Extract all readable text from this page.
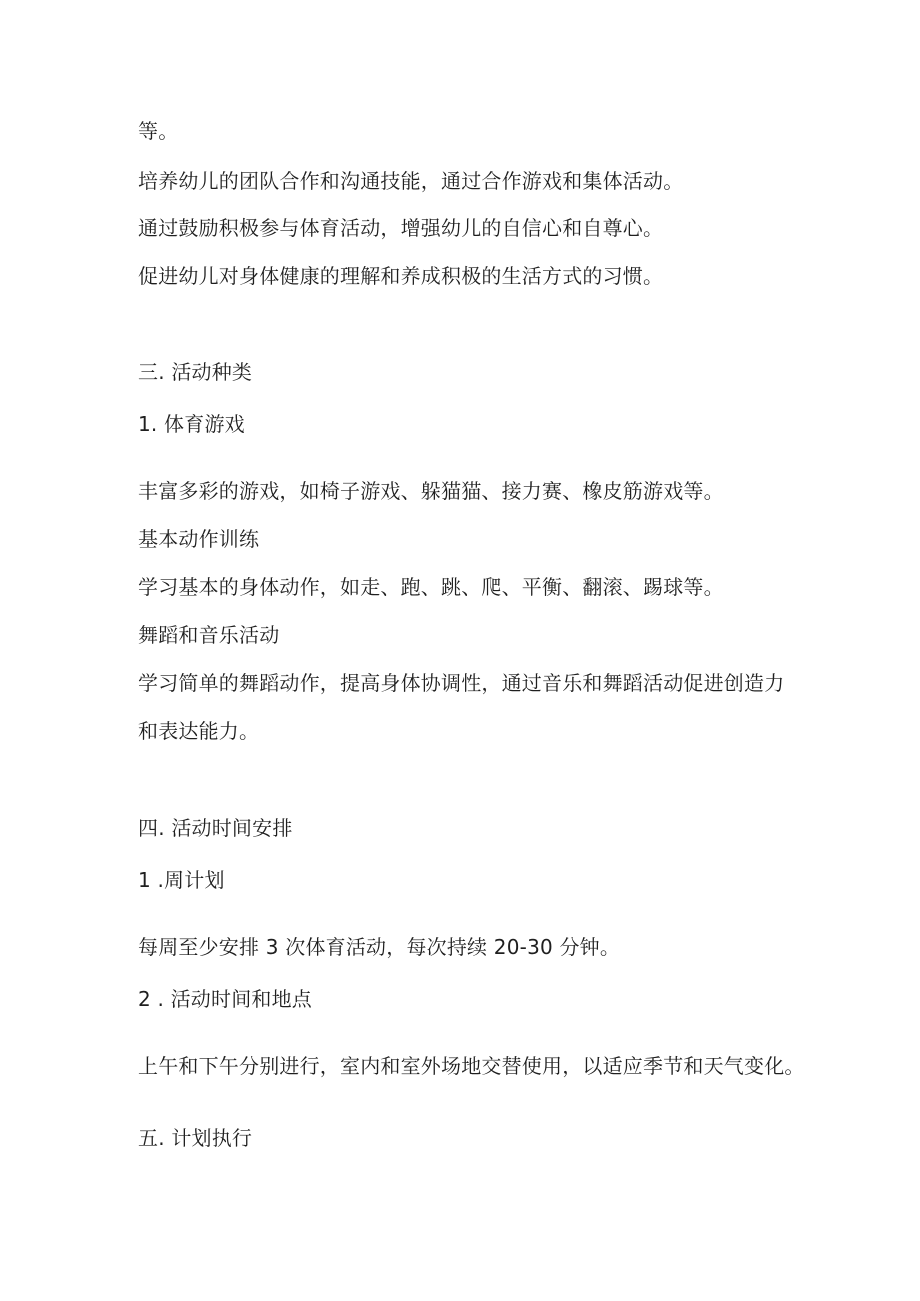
等。

培养幼儿的团队合作和沟通技能，通过合作游戏和集体活动。

通过鼓励积极参与体育活动，增强幼儿的自信心和自尊心。

促进幼儿对身体健康的理解和养成积极的生活方式的习惯。

三. 活动种类

1. 体育游戏

丰富多彩的游戏，如椅子游戏、躲猫猫、接力赛、橡皮筋游戏等。

基本动作训练

学习基本的身体动作，如走、跑、跳、爬、平衡、翻滚、踢球等。

舞蹈和音乐活动

学习简单的舞蹈动作，提高身体协调性，通过音乐和舞蹈活动促进创造力

和表达能力。

四. 活动时间安排

1 .周计划

每周至少安排 3 次体育活动，每次持续 20-30 分钟。

2 . 活动时间和地点

上午和下午分别进行，室内和室外场地交替使用，以适应季节和天气变化。

五. 计划执行
